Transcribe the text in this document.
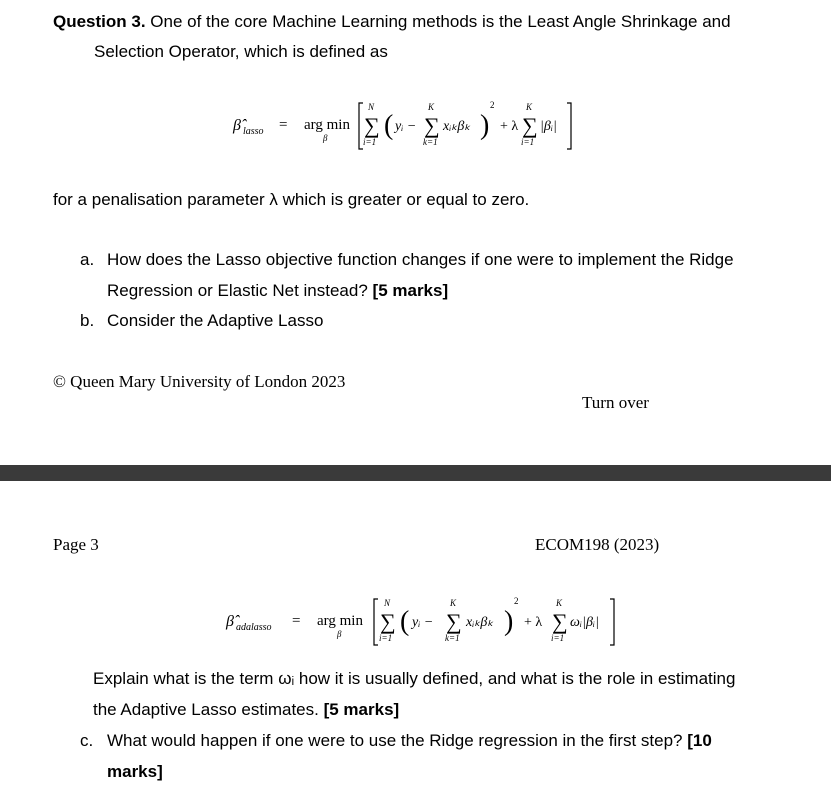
Question 3. One of the core Machine Learning methods is the Least Angle Shrinkage and
Selection Operator, which is defined as
β̂ lasso = arg min
β
N
∑
i=1
( yᵢ −
K
∑
k=1
xᵢₖβₖ )
2
+ λ
K
∑
i=1
|βᵢ|
for a penalisation parameter λ which is greater or equal to zero.
a. How does the Lasso objective function changes if one were to implement the Ridge
Regression or Elastic Net instead? [5 marks]
b. Consider the Adaptive Lasso
© Queen Mary University of London 2023
Turn over
Page 3	ECOM198 (2023)
β̂ adalasso = arg min
β
N
∑
i=1
( yᵢ −
K
∑
k=1
xᵢₖβₖ )
2
+ λ
K
∑
i=1
ωᵢ|βᵢ|
Explain what is the term ωᵢ how it is usually defined, and what is the role in estimating
the Adaptive Lasso estimates. [5 marks]
c. What would happen if one were to use the Ridge regression in the first step? [10
marks]
